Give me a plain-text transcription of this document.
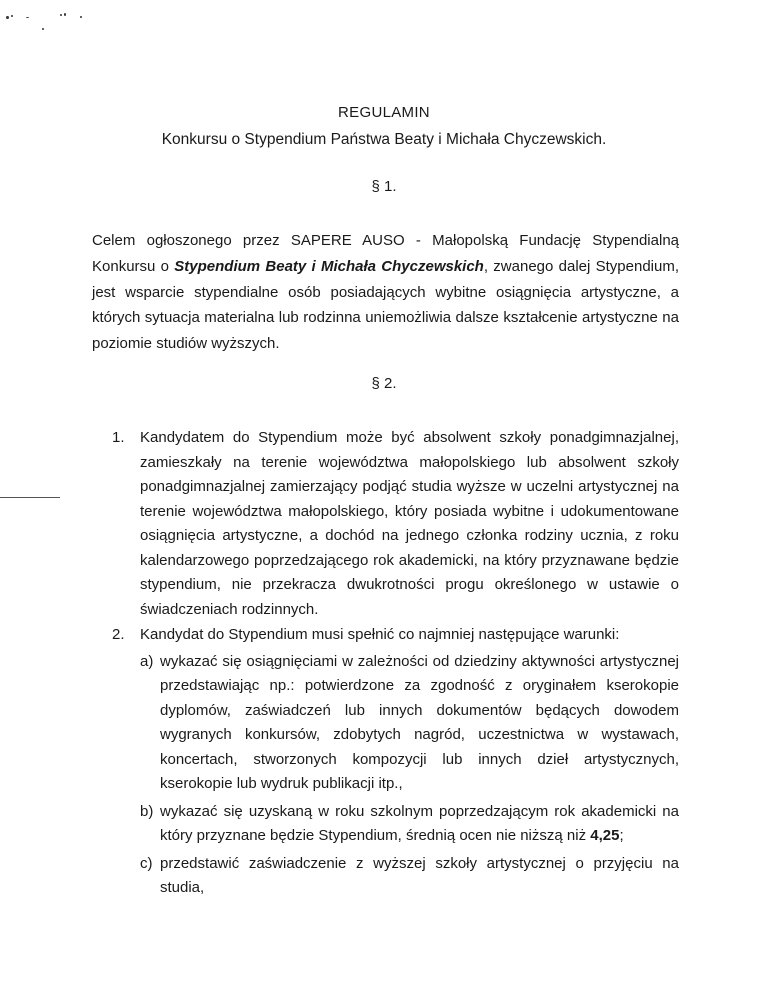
REGULAMIN
Konkursu o Stypendium Państwa Beaty i Michała Chyczewskich.
§ 1.

Celem ogłoszonego przez SAPERE AUSO - Małopolską Fundację Stypendialną Konkursu o Stypendium Beaty i Michała Chyczewskich, zwanego dalej Stypendium, jest wsparcie stypendialne osób posiadających wybitne osiągnięcia artystyczne, a których sytuacja materialna lub rodzinna uniemożliwia dalsze kształcenie artystyczne na poziomie studiów wyższych.

§ 2.
1. Kandydatem do Stypendium może być absolwent szkoły ponadgimnazjalnej, zamieszkały na terenie województwa małopolskiego lub absolwent szkoły ponadgimnazjalnej zamierzający podjąć studia wyższe w uczelni artystycznej na terenie województwa małopolskiego, który posiada wybitne i udokumentowane osiągnięcia artystyczne, a dochód na jednego członka rodziny ucznia, z roku kalendarzowego poprzedzającego rok akademicki, na który przyznawane będzie stypendium, nie przekracza dwukrotności progu określonego w ustawie o świadczeniach rodzinnych.
2. Kandydat do Stypendium musi spełnić co najmniej następujące warunki:
a) wykazać się osiągnięciami w zależności od dziedziny aktywności artystycznej przedstawiając np.: potwierdzone za zgodność z oryginałem kserokopie dyplomów, zaświadczeń lub innych dokumentów będących dowodem wygranych konkursów, zdobytych nagród, uczestnictwa w wystawach, koncertach, stworzonych kompozycji lub innych dzieł artystycznych, kserokopie lub wydruk publikacji itp.,
b) wykazać się uzyskaną w roku szkolnym poprzedzającym rok akademicki na który przyznane będzie Stypendium, średnią ocen nie niższą niż 4,25;
c) przedstawić zaświadczenie z wyższej szkoły artystycznej o przyjęciu na studia,
